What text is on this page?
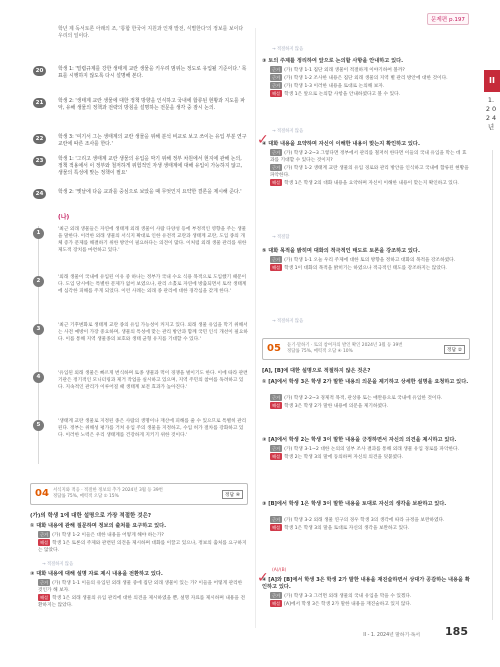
문제편 p.197
II
1. 2 0 2 4 년
학년 제 독서토론 아래의 조, '통합 한국어 지원과 인재 발전, 식별한다'의 정보를 보이다 우리의 일이다.
20	학생 1: '밀렵규제를 강한 생태계 교란 생물을 키우려 범위는 정도로 유입될 기준이다.' 목표를 시행하지 않도록 다시 설명해 본다.
21	학생 2: '생태계 교란 생물에 대한 정책 방향을 인식하고 국내에 합류된 현황과 지도를 파악, 유해 생물의 정책과 전략의 방침을 설명하는 전문을 생각 중 잠시 논의.
22	학생 3: '여기서 그는 생태계의 교란 생물을 위해 분석 비교로 보고 쓰이는 유입 부분 연구 교란에 따른 조사를 한다.'
23	학생 1: '그리고 생태계 교란 생물의 유입을 막기 위해 정부 차원에서 현지에 관해 논의, 정책 적용에서 이 정부와 철저하게 위험적인 자생 생태계에 대해 유입이 가능하지 않고, 생물의 특성에 맞는 정책이 필요'
24	학생 2: '옛날에 다음 교과를 중심으로 보았을 때 무엇인지 요약한 결론을 제시해 준다.'
(나)
1
'최근 외래 생물들은 자연에 생태계 외래 생물이 사람 다양성 등에 부정적인 영향을 주는 생물을 말한다. 이러한 외래 생물의 서식지 확대로 인한 유전적 교란과 생태계 교란, 도입 종의 개체 증가 문제를 해결하기 위한 방안이 필요하다는 의견이 많다. 이처럼 외래 생물 관리를 위한 제도적 장치를 마련하고 있다.'
2
'외래 생물이 국내에 유입된 이유 중 하나는 정부가 국내 수요 식용 목적으로 도입했기 때문이다. 도입 당시에는 특별한 문제가 없어 보였으나, 관리 소홀로 자연에 방출되면서 토착 생태계에 심각한 피해를 주게 되었다. 이런 사례는 외래 종 관리에 대한 경각심을 갖게 한다.'
3
'최근 기후변화로 생태계 교란 종의 유입 가능성이 커지고 있다. 외래 생물 유입을 막기 위해서는 사전 예방이 가장 중요하며, 생물의 특성에 맞는 관리 방안과 함께 국민 인식 개선이 필요하다. 이를 통해 지역 생물종의 보호와 생태 균형 유지를 기대할 수 있다.'
4
'유입된 외래 생물은 빠르게 번식하며 토종 생물과 먹이 경쟁을 벌이기도 한다. 이에 따라 관련 기관은 정기적인 모니터링과 제거 작업을 실시하고 있으며, 지역 주민의 참여를 독려하고 있다. 지속적인 관리가 이루어질 때 생태계 보전 효과가 높아진다.'
5
'생태계 교란 생물로 지정된 종은 사람의 생명이나 재산에 피해를 줄 수 있으므로 특별히 관리된다. 정부는 위해성 평가를 거쳐 유입 주의 생물을 지정하고, 수입 허가 절차를 강화하고 있다. 이러한 노력은 우리 생태계를 건강하게 지키기 위한 것이다.'
04 서식지와 적응 · 적절한 정보의 추가 2024년 3월 등 39번
정답률 75%, 매력적 오답 ② 15%	정답 ④
(가)의 학생 1에 대한 설명으로 가장 적절한 것은?
① 대화 내용에 관해 질문하며 정보의 출처를 요구하고 있다.
근거 (가) 학생 1-2 이들은 대한 내용을 어떻게 해야 하는가?
해설 학생 1은 토론의 주제와 관련된 의견을 제시하며 대화를 이끌고 있으나, 정보의 출처를 요구하지는 않았다.
→ 적절하지 않음
② 대화 내용에 대해 설명 자료 제시 내용을 전환하고 있다.
근거 (가) 학생 1-1 이들의 유입된 외래 생물 중에 집단 외래 생물이 있는 가? 이들을 어떻게 관리한 것인가 해 보자.
해설 학생 1은 외래 생물의 유입 관리에 대한 의견을 제시하였을 뿐, 설명 자료를 제시하며 내용을 전환하지는 않았다.
→ 적절하지 않음
③ 토의 주제를 정리하여 앞으로 논의할 사항을 안내하고 있다.
근거 (가) 학생 1-1 집단 외래 생물이 적절하게 이야기하여 볼까?
근거 (가) 학생 1-2 조사한 내용은 집단 외래 생물의 지역 별 관리 방안에 대한 것이다.
근거 (가) 학생 1-3 이러한 내용을 토대로 논의해 보자.
해설 학생 1은 앞으로 논의할 사항을 안내하였다고 볼 수 있다.
→ 적절하지 않음
✓
④ 대화 내용을 요약하며 자신이 이해한 내용이 맞는지 확인하고 있다.
근거 (가) 학생 2-2~3 그렇다면 정부에서 관리를 철저히 한다면 이들의 국내 유입을 막는 데 효과를 기대할 수 있다는 것이지?
근거 (가) 학생 1-2 생태계 교란 생물의 유입 경로와 관리 방안을 인식하고 국내에 합류된 현황을 파악한다.
해설 학생 1은 학생 2의 대화 내용을 요약하며 자신이 이해한 내용이 맞는지 확인하고 있다.
→ 적절함
⑤ 대화 목적을 밝히며 대화의 적극적인 태도로 토론을 강조하고 있다.
근거 (가) 학생 1-1 오늘 우리 주제에 대한 토의 방향을 정하고 대화의 목적을 강조하였다.
해설 학생 1이 대화의 목적을 밝히기는 하였으나 적극적인 태도를 강조하지는 않았다.
→ 적절하지 않음
05 듣기·말하기 · 토의 참여자의 발언 확인 2024년 3월 등 39번
정답률 75%, 매력적 오답 ④ 10%	정답 ②
[A], [B]에 대한 설명으로 적절하지 않은 것은?
① [A]에서 학생 3은 학생 2가 말한 내용의 의문을 제기하고 상세한 설명을 요청하고 있다.
근거 (가) 학생 2-2~3 경제적 목적, 관상용 또는 애완용으로 국내에 유입한 것이다.
해설 학생 3은 학생 2가 말한 내용에 의문을 제기하였다.
② [A]에서 학생 2는 학생 3이 말한 내용을 긍정하면서 자신의 의견을 제시하고 있다.
근거 (가) 학생 3-1~2 대한 논의의 일부 조사 결과를 통해 외래 생물 유입 경로를 파악한다.
해설 학생 2는 학생 3의 말에 동의하며 자신의 의견을 덧붙였다.
③ [B]에서 학생 1은 학생 3이 말한 내용을 토대로 자신의 생각을 보완하고 있다.
근거 (가) 학생 3-2 외래 생물 연구의 경우 학생 3의 생각에 따라 규정을 보완하였다.
해설 학생 1은 학생 3의 말을 토대로 자신의 생각을 보완하고 있다.
(A)/(B)
✓
④ [A]와 [B]에서 학생 3은 학생 2가 말한 내용을 재진술하면서 상대가 공감하는 내용을 확인하고 있다.
근거 (가) 학생 3-3 그러면 외래 생물의 국내 유입을 막을 수 있겠다.
해설 [A]에서 학생 3은 학생 2가 말한 내용을 재진술하고 있지 않다.
II - 1. 2024년 말하기·독서 185
